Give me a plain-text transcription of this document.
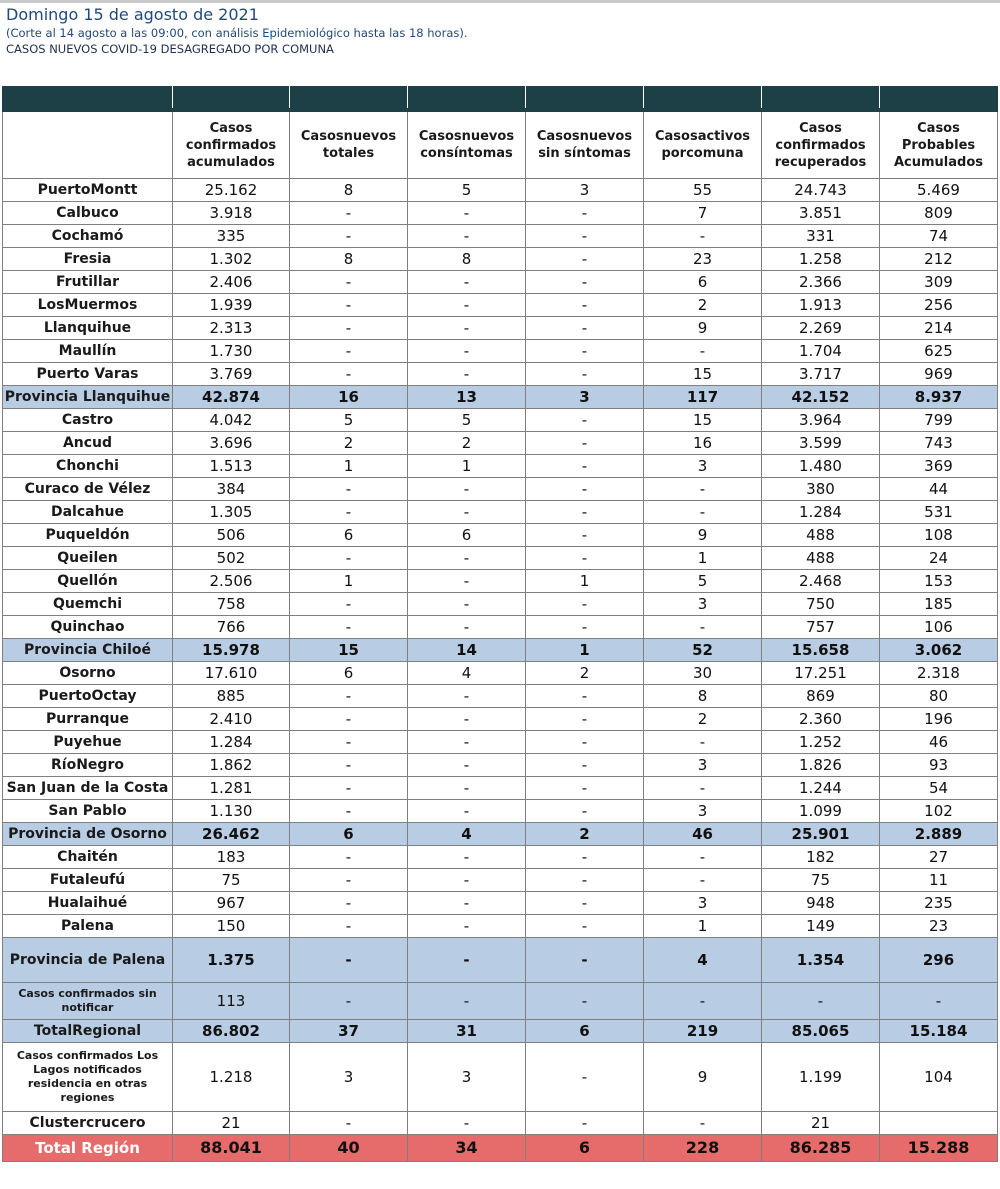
Domingo 15 de agosto de 2021
(Corte al 14 agosto a las 09:00, con análisis Epidemiológico hasta las 18 horas).
CASOS NUEVOS COVID-19 DESAGREGADO POR COMUNA

	Casos confirmados acumulados	Casosnuevos totales	Casosnuevos consíntomas	Casosnuevos sin síntomas	Casosactivos porcomuna	Casos confirmados recuperados	Casos Probables Acumulados
PuertoMontt	25.162	8	5	3	55	24.743	5.469
Calbuco	3.918	-	-	-	7	3.851	809
Cochamó	335	-	-	-	-	331	74
Fresia	1.302	8	8	-	23	1.258	212
Frutillar	2.406	-	-	-	6	2.366	309
LosMuermos	1.939	-	-	-	2	1.913	256
Llanquihue	2.313	-	-	-	9	2.269	214
Maullín	1.730	-	-	-	-	1.704	625
Puerto Varas	3.769	-	-	-	15	3.717	969
Provincia Llanquihue	42.874	16	13	3	117	42.152	8.937
Castro	4.042	5	5	-	15	3.964	799
Ancud	3.696	2	2	-	16	3.599	743
Chonchi	1.513	1	1	-	3	1.480	369
Curaco de Vélez	384	-	-	-	-	380	44
Dalcahue	1.305	-	-	-	-	1.284	531
Puqueldón	506	6	6	-	9	488	108
Queilen	502	-	-	-	1	488	24
Quellón	2.506	1	-	1	5	2.468	153
Quemchi	758	-	-	-	3	750	185
Quinchao	766	-	-	-	-	757	106
Provincia Chiloé	15.978	15	14	1	52	15.658	3.062
Osorno	17.610	6	4	2	30	17.251	2.318
PuertoOctay	885	-	-	-	8	869	80
Purranque	2.410	-	-	-	2	2.360	196
Puyehue	1.284	-	-	-	-	1.252	46
RíoNegro	1.862	-	-	-	3	1.826	93
San Juan de la Costa	1.281	-	-	-	-	1.244	54
San Pablo	1.130	-	-	-	3	1.099	102
Provincia de Osorno	26.462	6	4	2	46	25.901	2.889
Chaitén	183	-	-	-	-	182	27
Futaleufú	75	-	-	-	-	75	11
Hualaihué	967	-	-	-	3	948	235
Palena	150	-	-	-	1	149	23
Provincia de Palena	1.375	-	-	-	4	1.354	296
Casos confirmados sin notificar	113	-	-	-	-	-	-
TotalRegional	86.802	37	31	6	219	85.065	15.184
Casos confirmados Los Lagos notificados residencia en otras regiones	1.218	3	3	-	9	1.199	104
Clustercrucero	21	-	-	-	-	21	
Total Región	88.041	40	34	6	228	86.285	15.288
